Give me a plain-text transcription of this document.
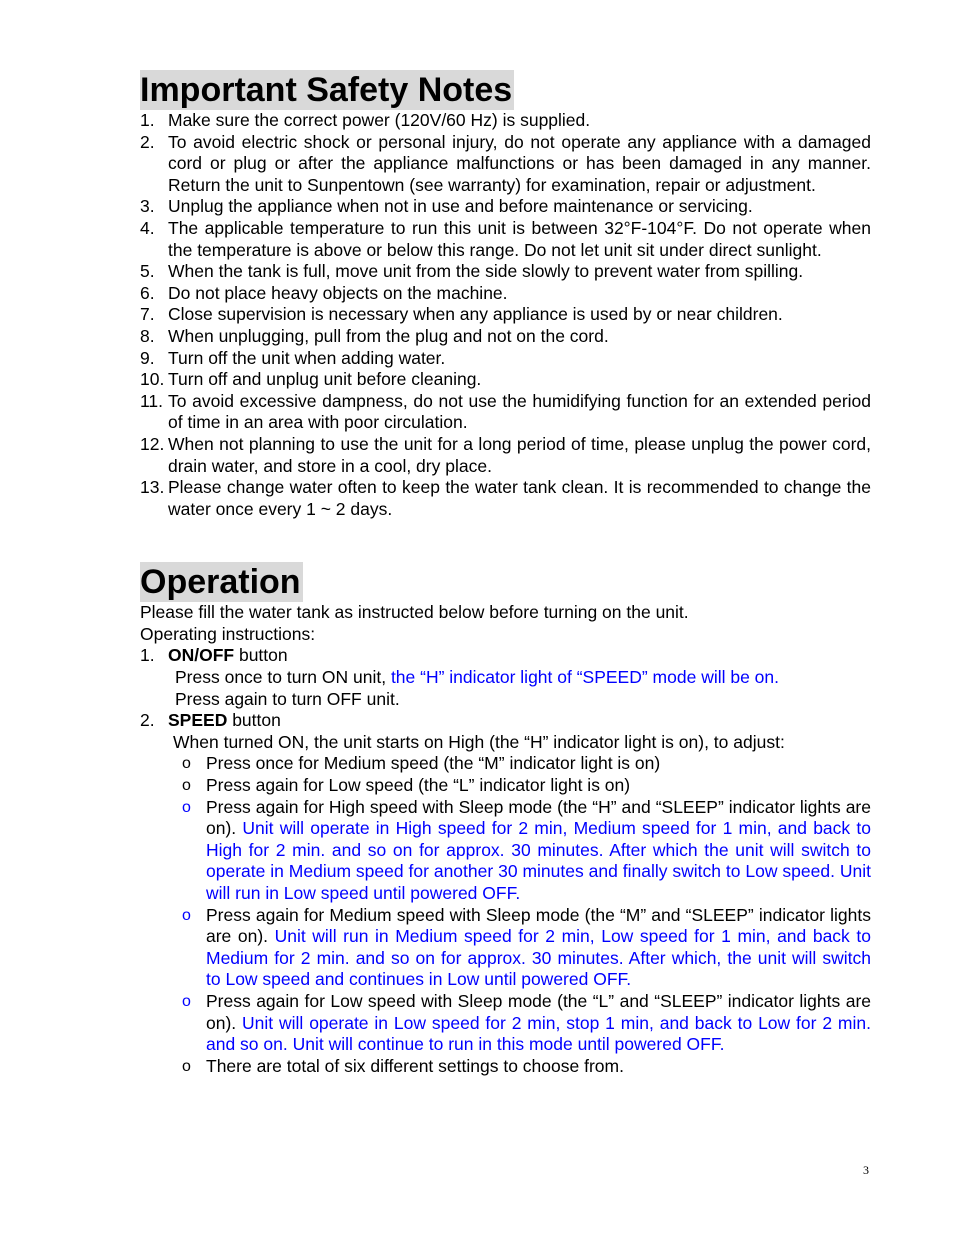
Important Safety Notes
1. Make sure the correct power (120V/60 Hz) is supplied.
2. To avoid electric shock or personal injury, do not operate any appliance with a damaged cord or plug or after the appliance malfunctions or has been damaged in any manner. Return the unit to Sunpentown (see warranty) for examination, repair or adjustment.
3. Unplug the appliance when not in use and before maintenance or servicing.
4. The applicable temperature to run this unit is between 32°F-104°F. Do not operate when the temperature is above or below this range. Do not let unit sit under direct sunlight.
5. When the tank is full, move unit from the side slowly to prevent water from spilling.
6. Do not place heavy objects on the machine.
7. Close supervision is necessary when any appliance is used by or near children.
8. When unplugging, pull from the plug and not on the cord.
9. Turn off the unit when adding water.
10. Turn off and unplug unit before cleaning.
11. To avoid excessive dampness, do not use the humidifying function for an extended period of time in an area with poor circulation.
12. When not planning to use the unit for a long period of time, please unplug the power cord, drain water, and store in a cool, dry place.
13. Please change water often to keep the water tank clean. It is recommended to change the water once every 1 ~ 2 days.
Operation

Please fill the water tank as instructed below before turning on the unit.

Operating instructions:

1. ON/OFF button

Press once to turn ON unit, the “H” indicator light of “SPEED” mode will be on.

Press again to turn OFF unit.

2. SPEED button

When turned ON, the unit starts on High (the “H” indicator light is on), to adjust:

o Press once for Medium speed (the “M” indicator light is on)
o Press again for Low speed (the “L” indicator light is on)
o Press again for High speed with Sleep mode (the “H” and “SLEEP” indicator lights are on). Unit will operate in High speed for 2 min, Medium speed for 1 min, and back to High for 2 min. and so on for approx. 30 minutes. After which the unit will switch to operate in Medium speed for another 30 minutes and finally switch to Low speed. Unit will run in Low speed until powered OFF.
o Press again for Medium speed with Sleep mode (the “M” and “SLEEP” indicator lights are on). Unit will run in Medium speed for 2 min, Low speed for 1 min, and back to Medium for 2 min. and so on for approx. 30 minutes. After which, the unit will switch to Low speed and continues in Low until powered OFF.
o Press again for Low speed with Sleep mode (the “L” and “SLEEP” indicator lights are on). Unit will operate in Low speed for 2 min, stop 1 min, and back to Low for 2 min. and so on. Unit will continue to run in this mode until powered OFF.
o There are total of six different settings to choose from.
3
